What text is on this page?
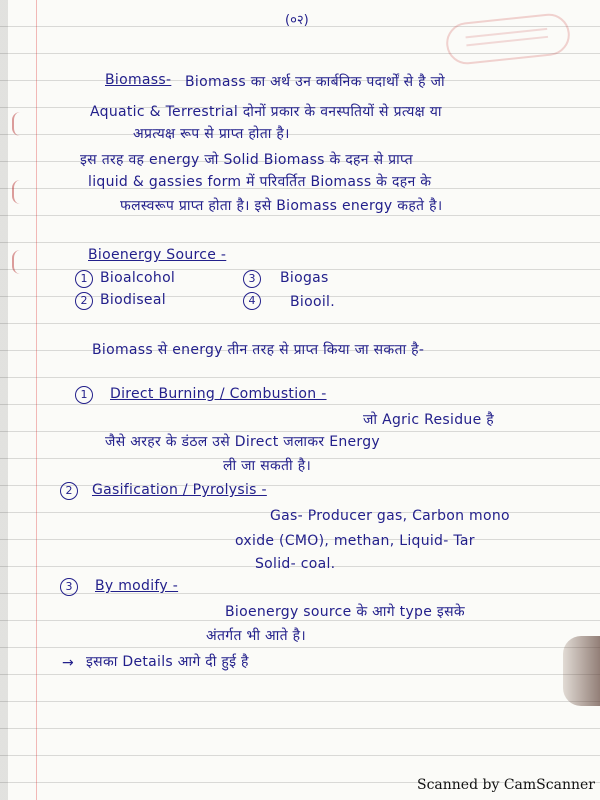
(०२)
Biomass- Biomass का अर्थ उन कार्बनिक पदार्थों से है जो
Aquatic & Terrestrial दोनों प्रकार के वनस्पतियों से प्रत्यक्ष या
अप्रत्यक्ष रूप से प्राप्त होता है।
इस तरह वह energy जो Solid Biomass के दहन से प्राप्त
liquid & gassies form में परिवर्तित Biomass के दहन के
फलस्वरूप प्राप्त होता है। इसे Biomass energy कहते है।
Bioenergy Source -
1 Bioalcohol	3	Biogas
2 Biodiseal	4	Biooil.
Biomass से energy तीन तरह से प्राप्त किया जा सकता है-
1	Direct Burning / Combustion -
जो Agric Residue है
जैसे अरहर के डंठल उसे Direct जलाकर Energy
ली जा सकती है।
2	Gasification / Pyrolysis -
Gas- Producer gas, Carbon mono
oxide (CMO), methan, Liquid- Tar
Solid- coal.
3	By modify -
Bioenergy source के आगे type इसके
अंतर्गत भी आते है।
→ इसका Details आगे दी हुई है
Scanned by CamScanner
